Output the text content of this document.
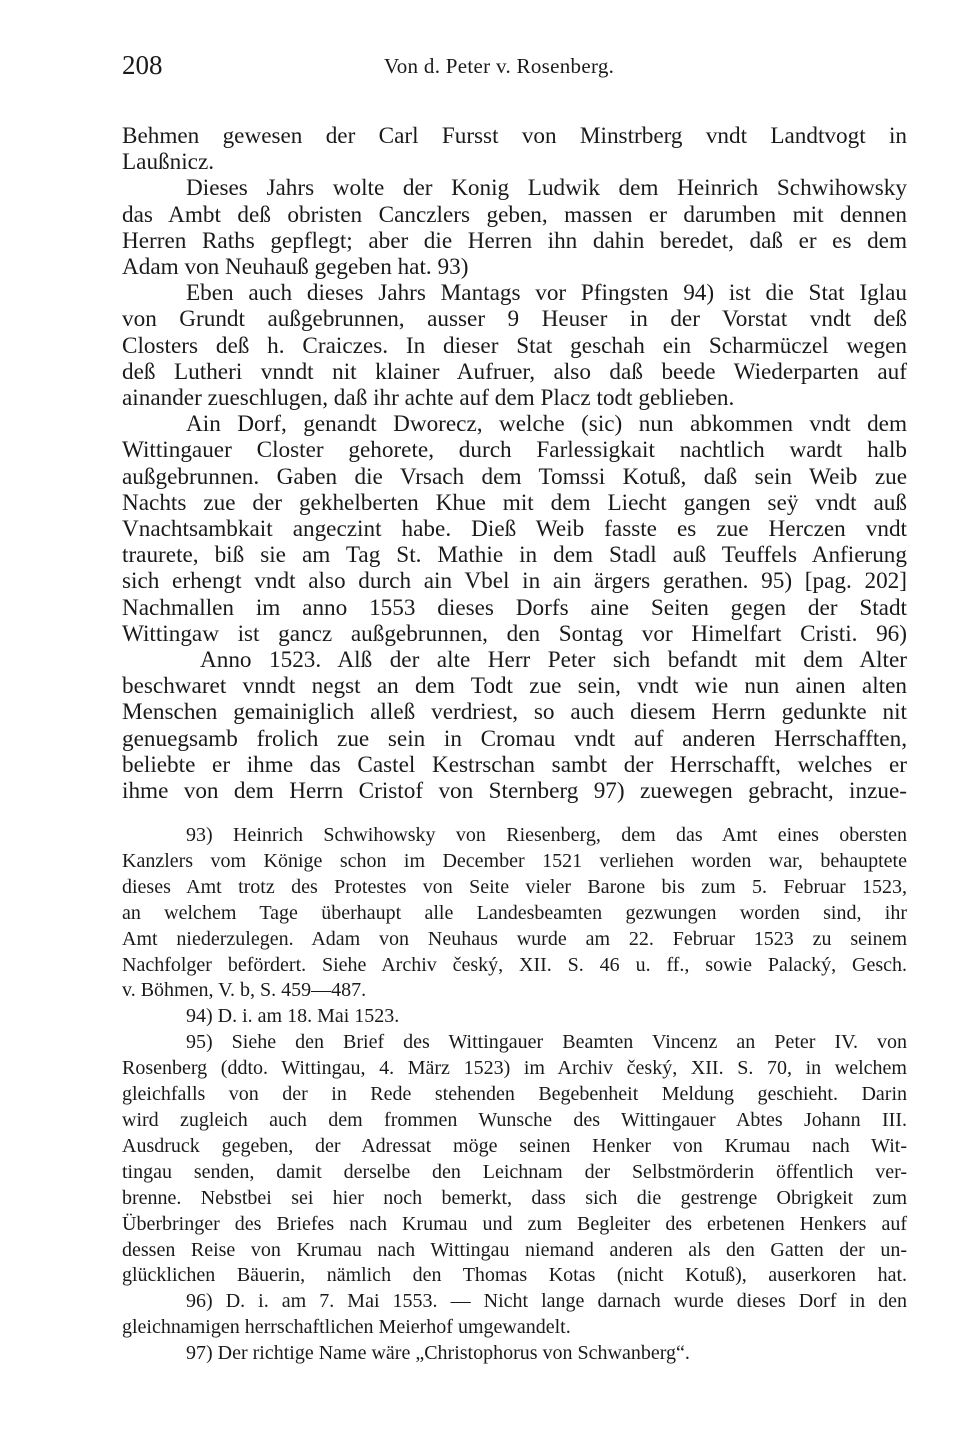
208	Von d. Peter v. Rosenberg.
Behmen gewesen der Carl Fursst von Minstrberg vndt Landtvogt in
Laußnicz.
Dieses Jahrs wolte der Konig Ludwik dem Heinrich Schwihowsky
das Ambt deß obristen Canczlers geben, massen er darumben mit dennen
Herren Raths gepflegt; aber die Herren ihn dahin beredet, daß er es dem
Adam von Neuhauß gegeben hat. 93)
Eben auch dieses Jahrs Mantags vor Pfingsten 94) ist die Stat Iglau
von Grundt außgebrunnen, ausser 9 Heuser in der Vorstat vndt deß
Closters deß h. Craiczes. In dieser Stat geschah ein Scharmüczel wegen
deß Lutheri vnndt nit klainer Aufruer, also daß beede Wiederparten auf
ainander zueschlugen, daß ihr achte auf dem Placz todt geblieben.
Ain Dorf, genandt Dworecz, welche (sic) nun abkommen vndt dem
Wittingauer Closter gehorete, durch Farlessigkait nachtlich wardt halb
außgebrunnen. Gaben die Vrsach dem Tomssi Kotuß, daß sein Weib zue
Nachts zue der gekhelberten Khue mit dem Liecht gangen seÿ vndt auß
Vnachtsambkait angeczint habe. Dieß Weib fasste es zue Herczen vndt
traurete, biß sie am Tag St. Mathie in dem Stadl auß Teuffels Anfierung
sich erhengt vndt also durch ain Vbel in ain ärgers gerathen. 95) [pag. 202]
Nachmallen im anno 1553 dieses Dorfs aine Seiten gegen der Stadt
Wittingaw ist gancz außgebrunnen, den Sontag vor Himelfart Cristi. 96)
Anno 1523. Alß der alte Herr Peter sich befandt mit dem Alter
beschwaret vnndt negst an dem Todt zue sein, vndt wie nun ainen alten
Menschen gemainiglich alleß verdriest, so auch diesem Herrn gedunkte nit
genuegsamb frolich zue sein in Cromau vndt auf anderen Herrschafften,
beliebte er ihme das Castel Kestrschan sambt der Herrschafft, welches er
ihme von dem Herrn Cristof von Sternberg 97) zuewegen gebracht, inzue-
93) Heinrich Schwihowsky von Riesenberg, dem das Amt eines obersten
Kanzlers vom Könige schon im December 1521 verliehen worden war, behauptete
dieses Amt trotz des Protestes von Seite vieler Barone bis zum 5. Februar 1523,
an welchem Tage überhaupt alle Landesbeamten gezwungen worden sind, ihr
Amt niederzulegen. Adam von Neuhaus wurde am 22. Februar 1523 zu seinem
Nachfolger befördert. Siehe Archiv český, XII. S. 46 u. ff., sowie Palacký, Gesch.
v. Böhmen, V. b, S. 459—487.
94) D. i. am 18. Mai 1523.
95) Siehe den Brief des Wittingauer Beamten Vincenz an Peter IV. von
Rosenberg (ddto. Wittingau, 4. März 1523) im Archiv český, XII. S. 70, in welchem
gleichfalls von der in Rede stehenden Begebenheit Meldung geschieht. Darin
wird zugleich auch dem frommen Wunsche des Wittingauer Abtes Johann III.
Ausdruck gegeben, der Adressat möge seinen Henker von Krumau nach Wit-
tingau senden, damit derselbe den Leichnam der Selbstmörderin öffentlich ver-
brenne. Nebstbei sei hier noch bemerkt, dass sich die gestrenge Obrigkeit zum
Überbringer des Briefes nach Krumau und zum Begleiter des erbetenen Henkers auf
dessen Reise von Krumau nach Wittingau niemand anderen als den Gatten der un-
glücklichen Bäuerin, nämlich den Thomas Kotas (nicht Kotuß), auserkoren hat.
96) D. i. am 7. Mai 1553. — Nicht lange darnach wurde dieses Dorf in den
gleichnamigen herrschaftlichen Meierhof umgewandelt.
97) Der richtige Name wäre „Christophorus von Schwanberg“.
